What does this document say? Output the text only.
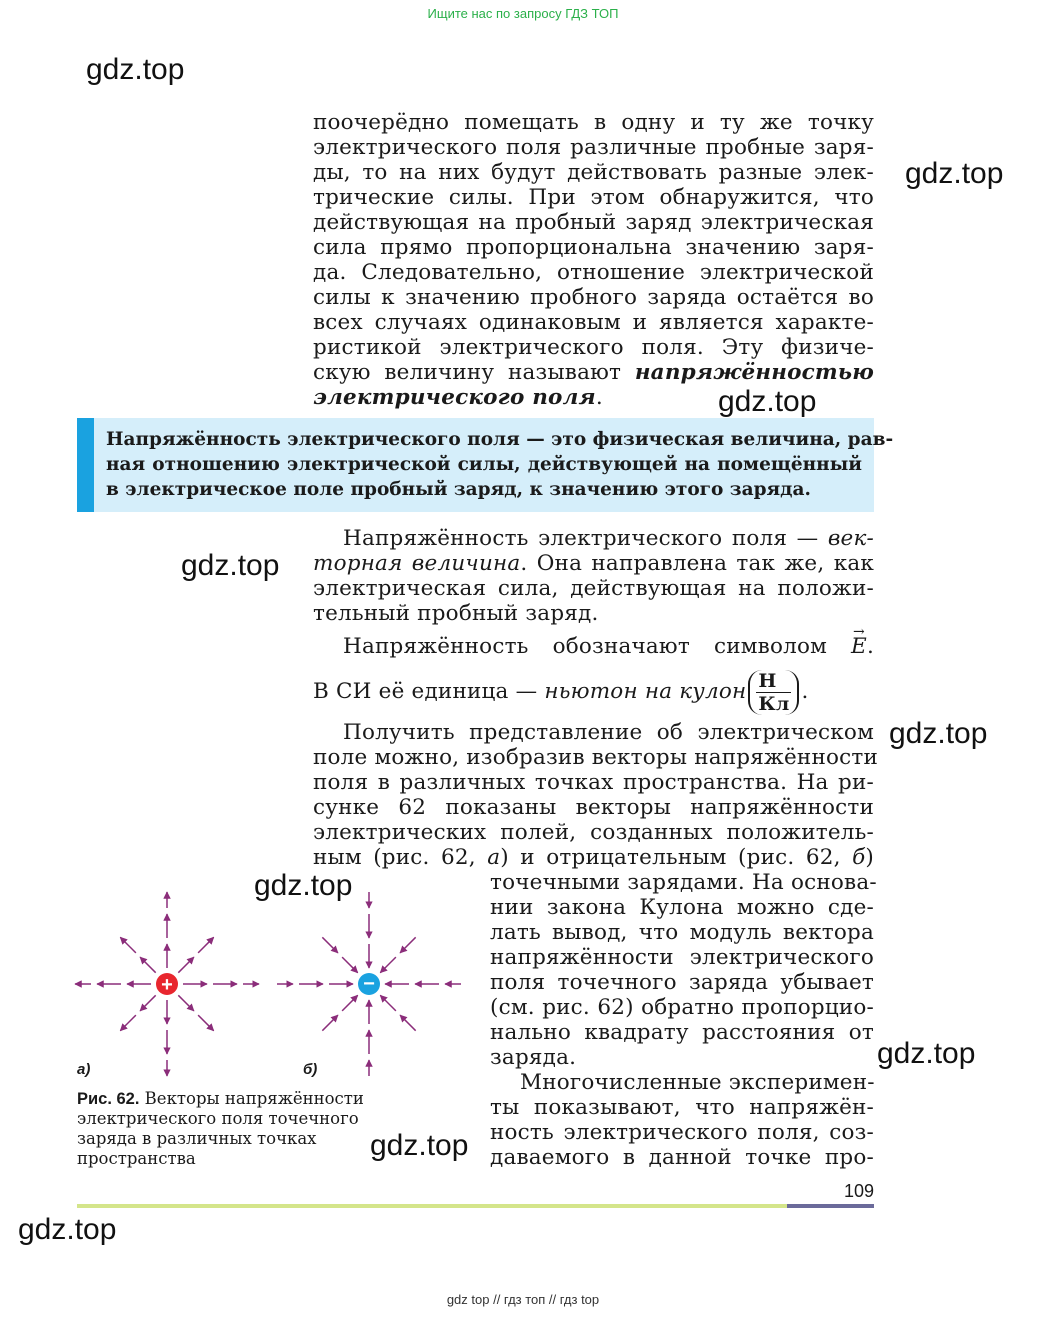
Ищите нас по запросу ГДЗ ТОП
gdz.top
gdz.top
gdz.top
gdz.top
gdz.top
gdz.top
gdz.top
gdz.top
gdz.top
поочерёдно помещать в одну и ту же точку
электрического поля различные пробные заря-
ды, то на них будут действовать разные элек-
трические силы. При этом обнаружится, что
действующая на пробный заряд электрическая
сила прямо пропорциональна значению заря-
да. Следовательно, отношение электрической
силы к значению пробного заряда остаётся во
всех случаях одинаковым и является характе-
ристикой электрического поля. Эту физиче-
скую величину называют напряжённостью
электрического поля.
Напряжённость электрического поля — это физическая величина, рав-
ная отношению электрической силы, действующей на помещённый
в электрическое поле пробный заряд, к значению этого заряда.
Напряжённость электрического поля — век-
торная величина. Она направлена так же, как
электрическая сила, действующая на положи-
тельный пробный заряд.
Напряжённость обозначают символом → E.
В СИ её единица — ньютон на кулон $\frac{Н}{Кл}$ .
Получить представление об электрическом
поле можно, изобразив векторы напряжённости
поля в различных точках пространства. На ри-
сунке 62 показаны векторы напряжённости
электрических полей, созданных положитель-
ным (рис. 62, а) и отрицательным (рис. 62, б)
точечными зарядами. На основа-
нии закона Кулона можно сде-
лать вывод, что модуль вектора
напряжённости электрического
поля точечного заряда убывает
(см. рис. 62) обратно пропорцио-
нально квадрату расстояния от
заряда.
Многочисленные эксперимен-
ты показывают, что напряжён-
ность электрического поля, соз-
даваемого в данной точке про-
+	−
а)	б)
Рис. 62. Векторы напряжённости электрического поля точечного заряда в различных точках пространства
109
gdz top // гдз топ // гдз top
